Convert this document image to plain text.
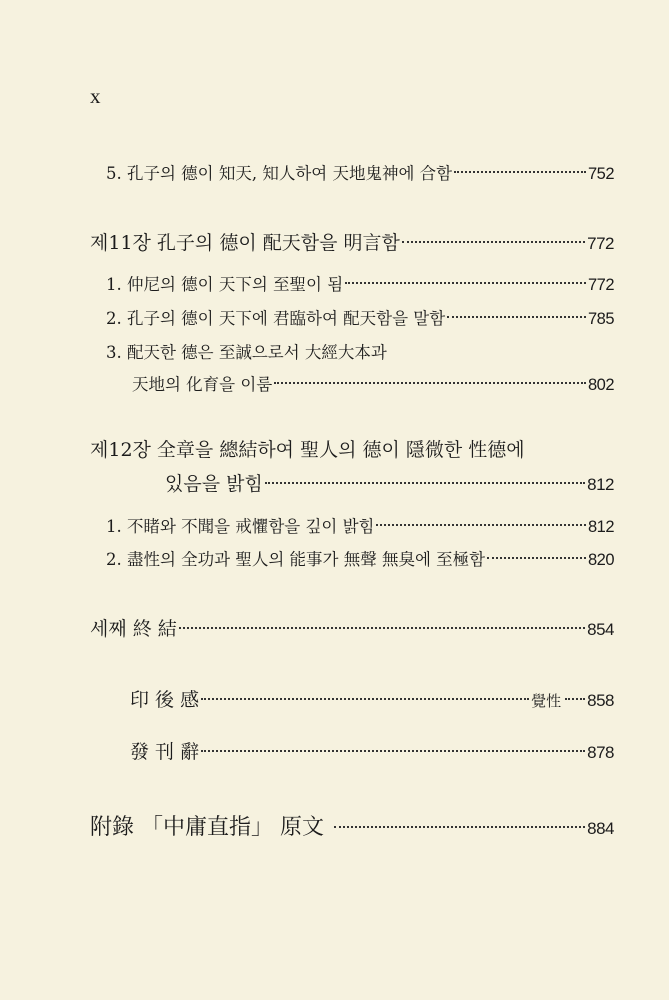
x
5. 孔子의 德이 知天, 知人하여 天地鬼神에 合함	752
제11장 孔子의 德이 配天함을 明言함	772
1. 仲尼의 德이 天下의 至聖이 됨	772
2. 孔子의 德이 天下에 君臨하여 配天함을 말함	785
3. 配天한 德은 至誠으로서 大經大本과
天地의 化育을 이룸	802
제12장 全章을 總結하여 聖人의 德이 隱微한 性德에
있음을 밝힘	812
1. 不睹와 不聞을 戒懼함을 깊이 밝힘	812
2. 盡性의 全功과 聖人의 能事가 無聲 無臭에 至極함	820
세째 終 結	854
印 後 感	覺性 858
發 刊 辭	878
附錄 「中庸直指」 原文	884
